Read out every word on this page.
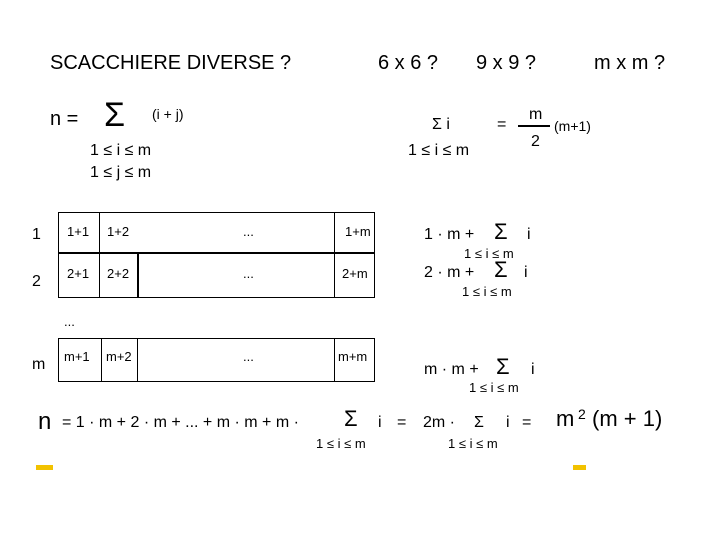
SCACCHIERE DIVERSE ?	6 x 6 ? 9 x 9 ?	m x m ?
n = Σ (i + j)
1 ≤ i ≤ m
1 ≤ j ≤ m
Σ i	=
m
2
(m+1)
1 ≤ i ≤ m
1 1+1 1+2	...	1+m
2 2+1 2+2	...	2+m
...
m m+1 m+2	...	m+m
1 · m + Σ i
1 ≤ i ≤ m
2 · m + Σ i
1 ≤ i ≤ m
m · m + Σ i
1 ≤ i ≤ m
n = 1 · m + 2 · m + ... + m · m + m · Σ i = 2m · Σ i = m 2 (m + 1)
1 ≤ i ≤ m	1 ≤ i ≤ m
